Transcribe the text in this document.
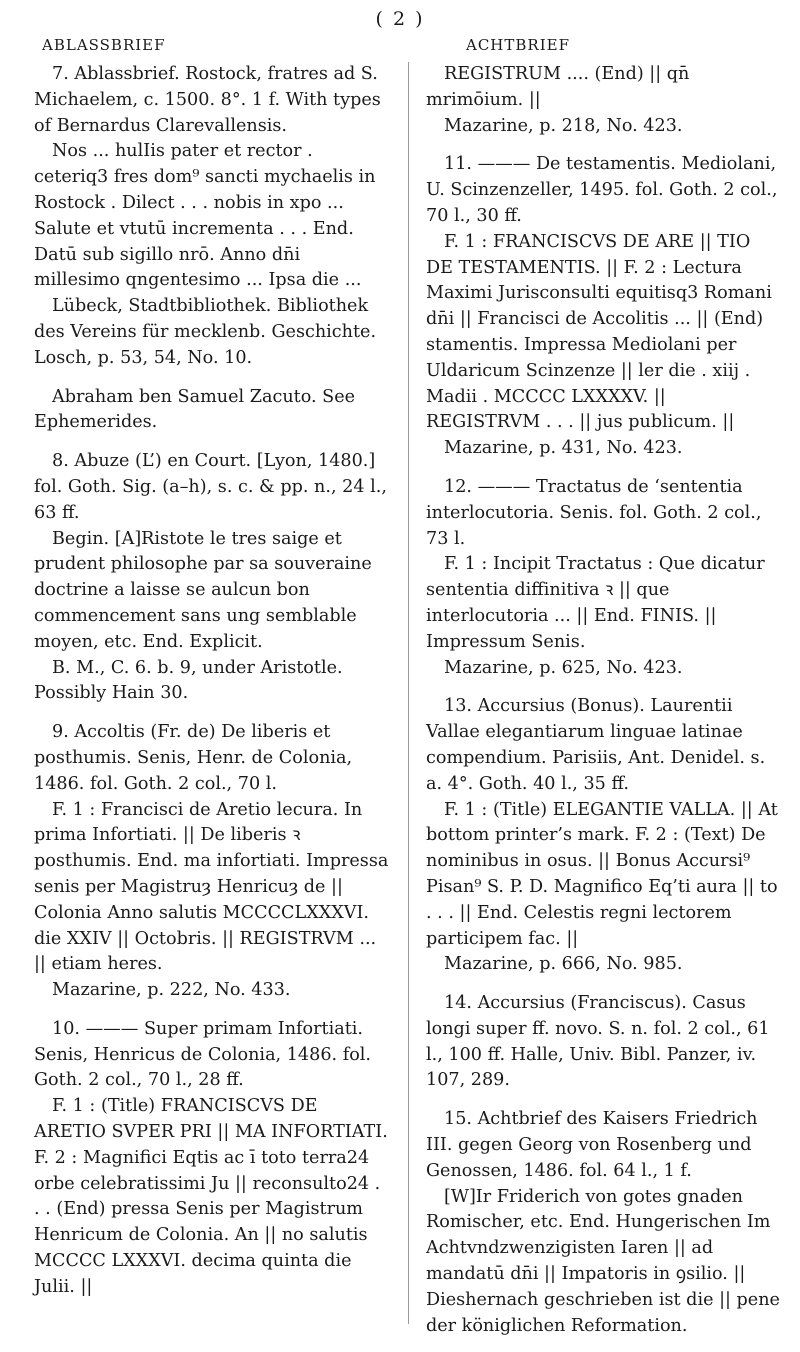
( 2 )
ABLASSBRIEF	ACHTBRIEF

7. Ablassbrief. Rostock, fratres ad S. Michaelem, c. 1500. 8°. 1 f. With types of Bernardus Clarevallensis.

Nos ... hulIis pater et rector . ceteriq3 fres dom⁹ sancti mychaelis in Rostock . Dilect . . . nobis in xpo ... Salute et vtutū incrementa . . . End. Datū sub sigillo nrō. Anno dn̄i millesimo qngentesimo ... Ipsa die ...

Lübeck, Stadtbibliothek. Bibliothek des Vereins für mecklenb. Geschichte. Losch, p. 53, 54, No. 10.

Abraham ben Samuel Zacuto. See Ephemerides.

8. Abuze (L’) en Court. [Lyon, 1480.] fol. Goth. Sig. (a–h), s. c. & pp. n., 24 l., 63 ff.

Begin. [A]Ristote le tres saige et prudent philosophe par sa souveraine doctrine a laisse se aulcun bon commencement sans ung semblable moyen, etc. End. Explicit.

B. M., C. 6. b. 9, under Aristotle. Possibly Hain 30.

9. Accoltis (Fr. de) De liberis et posthumis. Senis, Henr. de Colonia, 1486. fol. Goth. 2 col., 70 l.

F. 1 : Francisci de Aretio lecura. In prima Infortiati. || De liberis ꝛ posthumis. End. ma infortiati. Impressa senis per Magistruȝ Henricuȝ de || Colonia Anno salutis MCCCCLXXXVI. die XXIV || Octobris. || REGISTRVM ... || etiam heres.

Mazarine, p. 222, No. 433.

10. ——— Super primam Infortiati. Senis, Henricus de Colonia, 1486. fol. Goth. 2 col., 70 l., 28 ff.

F. 1 : (Title) FRANCISCVS DE ARETIO SVPER PRI || MA INFORTIATI. F. 2 : Magnifici Eqtis ac ī toto terra24 orbe celebratissimi Ju || reconsulto24 . . . (End) pressa Senis per Magistrum Henricum de Colonia. An || no salutis MCCCC LXXXVI. decima quinta die Julii. ||

REGISTRUM .... (End) || qn̄ mrimōium. ||

Mazarine, p. 218, No. 423.

11. ——— De testamentis. Mediolani, U. Scinzenzeller, 1495. fol. Goth. 2 col., 70 l., 30 ff.

F. 1 : FRANCISCVS DE ARE || TIO DE TESTAMENTIS. || F. 2 : Lectura Maximi Jurisconsulti equitisq3 Romani dn̄i || Francisci de Accolitis ... || (End) stamentis. Impressa Mediolani per Uldaricum Scinzenze || ler die . xiij . Madii . MCCCC LXXXXV. || REGISTRVM . . . || jus publicum. ||

Mazarine, p. 431, No. 423.

12. ——— Tractatus de ‘sententia interlocutoria. Senis. fol. Goth. 2 col., 73 l.

F. 1 : Incipit Tractatus : Que dicatur sententia diffinitiva ꝛ || que interlocutoria ... || End. FINIS. || Impressum Senis.

Mazarine, p. 625, No. 423.

13. Accursius (Bonus). Laurentii Vallae elegantiarum linguae latinae compendium. Parisiis, Ant. Denidel. s. a. 4°. Goth. 40 l., 35 ff.

F. 1 : (Title) ELEGANTIE VALLA. || At bottom printer’s mark. F. 2 : (Text) De nominibus in osus. || Bonus Accursi⁹ Pisan⁹ S. P. D. Magnifico Eq’ti aura || to . . . || End. Celestis regni lectorem participem fac. ||

Mazarine, p. 666, No. 985.

14. Accursius (Franciscus). Casus longi super ff. novo. S. n. fol. 2 col., 61 l., 100 ff. Halle, Univ. Bibl. Panzer, iv. 107, 289.

15. Achtbrief des Kaisers Friedrich III. gegen Georg von Rosenberg und Genossen, 1486. fol. 64 l., 1 f.

[W]Ir Friderich von gotes gnaden Romischer, etc. End. Hungerischen Im Achtvndzwenzigisten Iaren || ad mandatū dn̄i || Impatoris in ꝯsilio. || Dieshernach geschrieben ist die || pene der königlichen Reformation.
